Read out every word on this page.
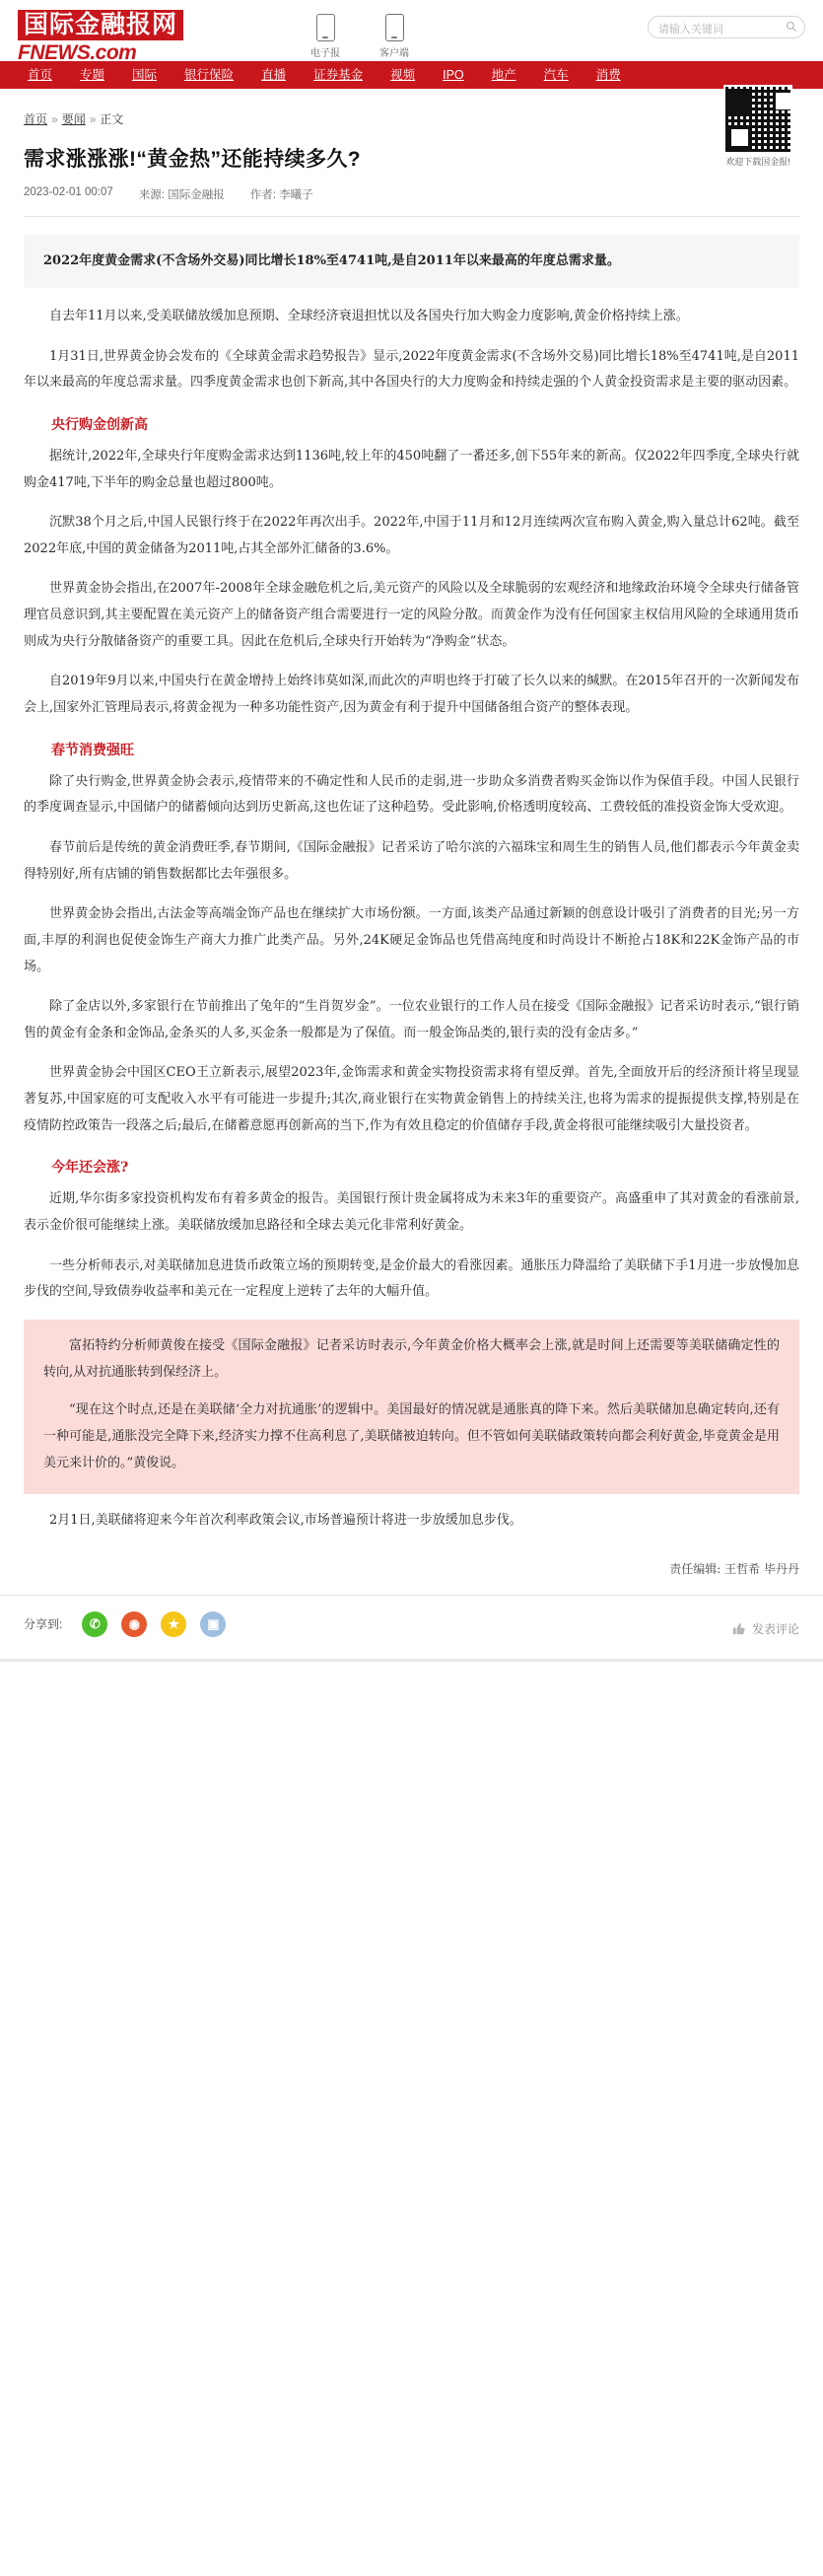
国际金融报网
FNEWS.com	电子报	客户端
请输入关键词
首页	专题	国际	银行保险	直播	证券基金	视频	IPO	地产	汽车	消费
首页 » 要闻 » 正文
欢迎下载国金报!
需求涨涨涨!“黄金热”还能持续多久?
2023-02-01 00:07 来源: 国际金融报 作者: 李曦子
2022年度黄金需求(不含场外交易)同比增长18%至4741吨,是自2011年以来最高的年度总需求量。

自去年11月以来,受美联储放缓加息预期、全球经济衰退担忧以及各国央行加大购金力度影响,黄金价格持续上涨。

1月31日,世界黄金协会发布的《全球黄金需求趋势报告》显示,2022年度黄金需求(不含场外交易)同比增长18%至4741吨,是自2011年以来最高的年度总需求量。四季度黄金需求也创下新高,其中各国央行的大力度购金和持续走强的个人黄金投资需求是主要的驱动因素。

央行购金创新高

据统计,2022年,全球央行年度购金需求达到1136吨,较上年的450吨翻了一番还多,创下55年来的新高。仅2022年四季度,全球央行就购金417吨,下半年的购金总量也超过800吨。

沉默38个月之后,中国人民银行终于在2022年再次出手。2022年,中国于11月和12月连续两次宣布购入黄金,购入量总计62吨。截至2022年底,中国的黄金储备为2011吨,占其全部外汇储备的3.6%。

世界黄金协会指出,在2007年-2008年全球金融危机之后,美元资产的风险以及全球脆弱的宏观经济和地缘政治环境令全球央行储备管理官员意识到,其主要配置在美元资产上的储备资产组合需要进行一定的风险分散。而黄金作为没有任何国家主权信用风险的全球通用货币则成为央行分散储备资产的重要工具。因此在危机后,全球央行开始转为“净购金”状态。

自2019年9月以来,中国央行在黄金增持上始终讳莫如深,而此次的声明也终于打破了长久以来的缄默。在2015年召开的一次新闻发布会上,国家外汇管理局表示,将黄金视为一种多功能性资产,因为黄金有利于提升中国储备组合资产的整体表现。

春节消费强旺

除了央行购金,世界黄金协会表示,疫情带来的不确定性和人民币的走弱,进一步助众多消费者购买金饰以作为保值手段。中国人民银行的季度调查显示,中国储户的储蓄倾向达到历史新高,这也佐证了这种趋势。受此影响,价格透明度较高、工费较低的准投资金饰大受欢迎。

春节前后是传统的黄金消费旺季,春节期间,《国际金融报》记者采访了哈尔滨的六福珠宝和周生生的销售人员,他们都表示今年黄金卖得特别好,所有店铺的销售数据都比去年强很多。

世界黄金协会指出,古法金等高端金饰产品也在继续扩大市场份额。一方面,该类产品通过新颖的创意设计吸引了消费者的目光;另一方面,丰厚的利润也促使金饰生产商大力推广此类产品。另外,24K硬足金饰品也凭借高纯度和时尚设计不断抢占18K和22K金饰产品的市场。

除了金店以外,多家银行在节前推出了兔年的“生肖贺岁金”。一位农业银行的工作人员在接受《国际金融报》记者采访时表示,“银行销售的黄金有金条和金饰品,金条买的人多,买金条一般都是为了保值。而一般金饰品类的,银行卖的没有金店多。”

世界黄金协会中国区CEO王立新表示,展望2023年,金饰需求和黄金实物投资需求将有望反弹。首先,全面放开后的经济预计将呈现显著复苏,中国家庭的可支配收入水平有可能进一步提升;其次,商业银行在实物黄金销售上的持续关注,也将为需求的提振提供支撑,特别是在疫情防控政策告一段落之后;最后,在储蓄意愿再创新高的当下,作为有效且稳定的价值储存手段,黄金将很可能继续吸引大量投资者。

今年还会涨?

近期,华尔街多家投资机构发布有着多黄金的报告。美国银行预计贵金属将成为未来3年的重要资产。高盛重申了其对黄金的看涨前景,表示金价很可能继续上涨。美联储放缓加息路径和全球去美元化非常利好黄金。

一些分析师表示,对美联储加息进货币政策立场的预期转变,是金价最大的看涨因素。通胀压力降温给了美联储下手1月进一步放慢加息步伐的空间,导致债券收益率和美元在一定程度上逆转了去年的大幅升值。

富拓特约分析师黄俊在接受《国际金融报》记者采访时表示,今年黄金价格大概率会上涨,就是时间上还需要等美联储确定性的转向,从对抗通胀转到保经济上。

“现在这个时点,还是在美联储‘全力对抗通胀’的逻辑中。美国最好的情况就是通胀真的降下来。然后美联储加息确定转向,还有一种可能是,通胀没完全降下来,经济实力撑不住高利息了,美联储被迫转向。但不管如何美联储政策转向都会利好黄金,毕竟黄金是用美元来计价的。”黄俊说。

2月1日,美联储将迎来今年首次利率政策会议,市场普遍预计将进一步放缓加息步伐。

责任编辑: 王哲希 毕丹丹
分享到:	✆	◉	★	▣	发表评论
